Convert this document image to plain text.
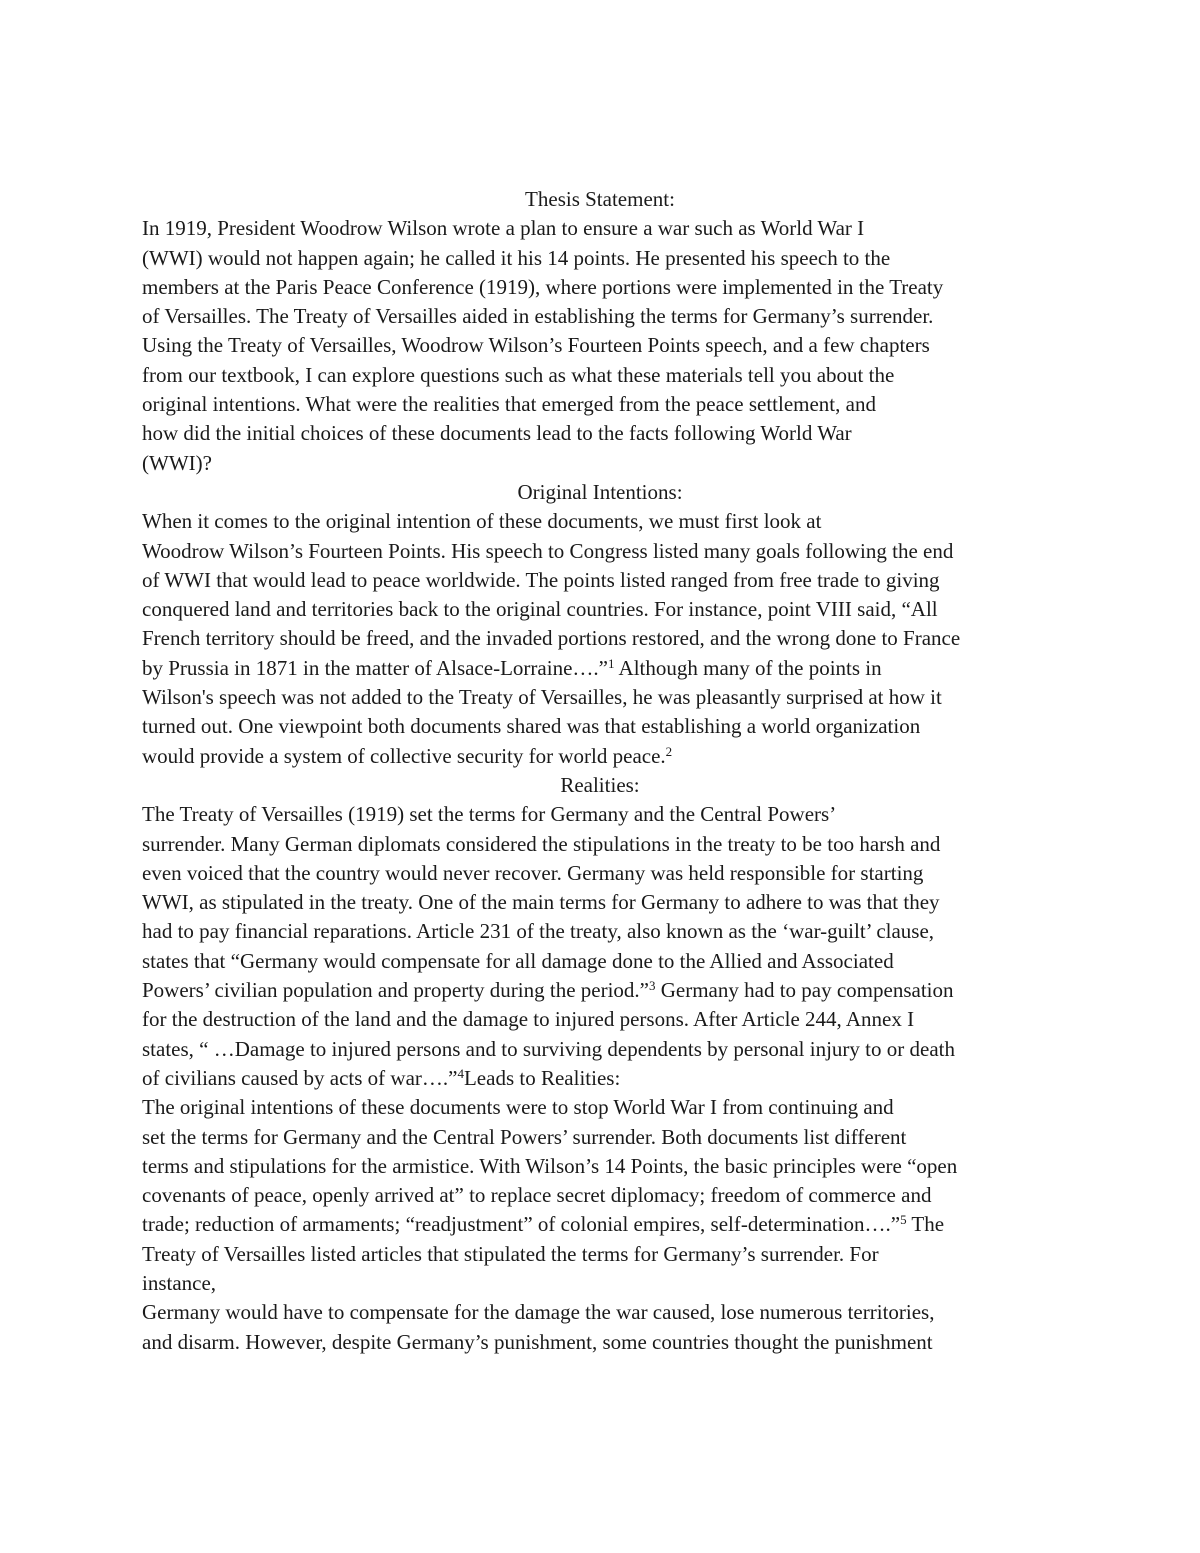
Thesis Statement:
In 1919, President Woodrow Wilson wrote a plan to ensure a war such as World War I
(WWI) would not happen again; he called it his 14 points. He presented his speech to the
members at the Paris Peace Conference (1919), where portions were implemented in the Treaty
of Versailles. The Treaty of Versailles aided in establishing the terms for Germany’s surrender.
Using the Treaty of Versailles, Woodrow Wilson’s Fourteen Points speech, and a few chapters
from our textbook, I can explore questions such as what these materials tell you about the
original intentions. What were the realities that emerged from the peace settlement, and
how did the initial choices of these documents lead to the facts following World War
(WWI)?
Original Intentions:
When it comes to the original intention of these documents, we must first look at
Woodrow Wilson’s Fourteen Points. His speech to Congress listed many goals following the end
of WWI that would lead to peace worldwide. The points listed ranged from free trade to giving
conquered land and territories back to the original countries. For instance, point VIII said, “All
French territory should be freed, and the invaded portions restored, and the wrong done to France
by Prussia in 1871 in the matter of Alsace-Lorraine….”$^1$ Although many of the points in
Wilson's speech was not added to the Treaty of Versailles, he was pleasantly surprised at how it
turned out. One viewpoint both documents shared was that establishing a world organization
would provide a system of collective security for world peace.$^2$
Realities:
The Treaty of Versailles (1919) set the terms for Germany and the Central Powers’
surrender. Many German diplomats considered the stipulations in the treaty to be too harsh and
even voiced that the country would never recover. Germany was held responsible for starting
WWI, as stipulated in the treaty. One of the main terms for Germany to adhere to was that they
had to pay financial reparations. Article 231 of the treaty, also known as the ‘war-guilt’ clause,
states that “Germany would compensate for all damage done to the Allied and Associated
Powers’ civilian population and property during the period.”$^3$ Germany had to pay compensation
for the destruction of the land and the damage to injured persons. After Article 244, Annex I
states, “ …Damage to injured persons and to surviving dependents by personal injury to or death
of civilians caused by acts of war….”$^4$Leads to Realities:
The original intentions of these documents were to stop World War I from continuing and
set the terms for Germany and the Central Powers’ surrender. Both documents list different
terms and stipulations for the armistice. With Wilson’s 14 Points, the basic principles were “open
covenants of peace, openly arrived at” to replace secret diplomacy; freedom of commerce and
trade; reduction of armaments; “readjustment” of colonial empires, self-determination….”$^5$ The
Treaty of Versailles listed articles that stipulated the terms for Germany’s surrender. For
instance,
Germany would have to compensate for the damage the war caused, lose numerous territories,
and disarm. However, despite Germany’s punishment, some countries thought the punishment
